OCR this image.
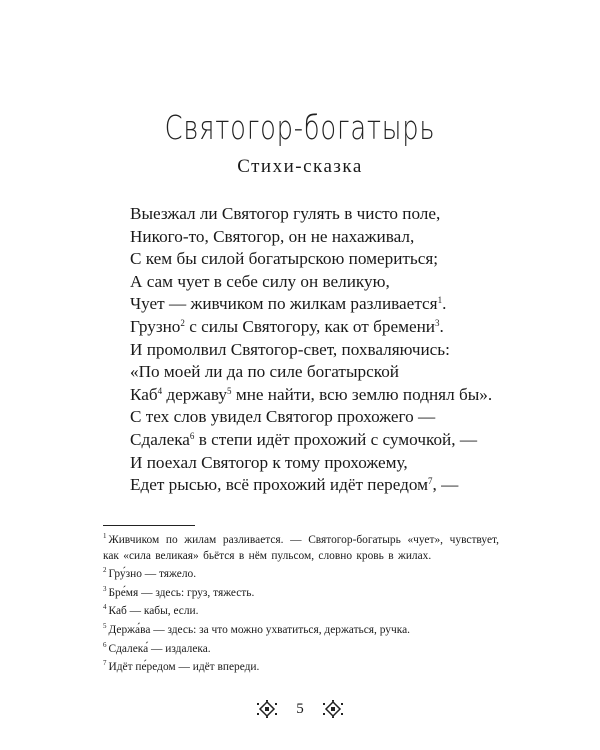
Святогор-богатырь
Стихи-сказка
Выезжал ли Святогор гулять в чисто поле,
Никого-то, Святогор, он не нахаживал,
С кем бы силой богатырскою помериться;
А сам чует в себе силу он великую,
Чует — живчиком по жилкам разливается$^1$.
Грузно$^2$ с силы Святогору, как от бремени$^3$.
И промолвил Святогор-свет, похваляючись:
«По моей ли да по силе богатырской
Каб$^4$ державу$^5$ мне найти, всю землю поднял бы».
С тех слов увидел Святогор прохожего —
Сдалека$^6$ в степи идёт прохожий с сумочкой, —
И поехал Святогор к тому прохожему,
Едет рысью, всё прохожий идёт передом$^7$, —
$^1$ Живчиком по жилам разливается. — Святогор-богатырь «чует», чувствует, как «сила великая» бьётся в нём пульсом, словно кровь в жилах.
$^2$ Гру́зно — тяжело.
$^3$ Бре́мя — здесь: груз, тяжесть.
$^4$ Каб — кабы, если.
$^5$ Держа́ва — здесь: за что можно ухватиться, держаться, ручка.
$^6$ Сдалека́ — издалека.
$^7$ Идёт пе́редом — идёт впереди.
5
